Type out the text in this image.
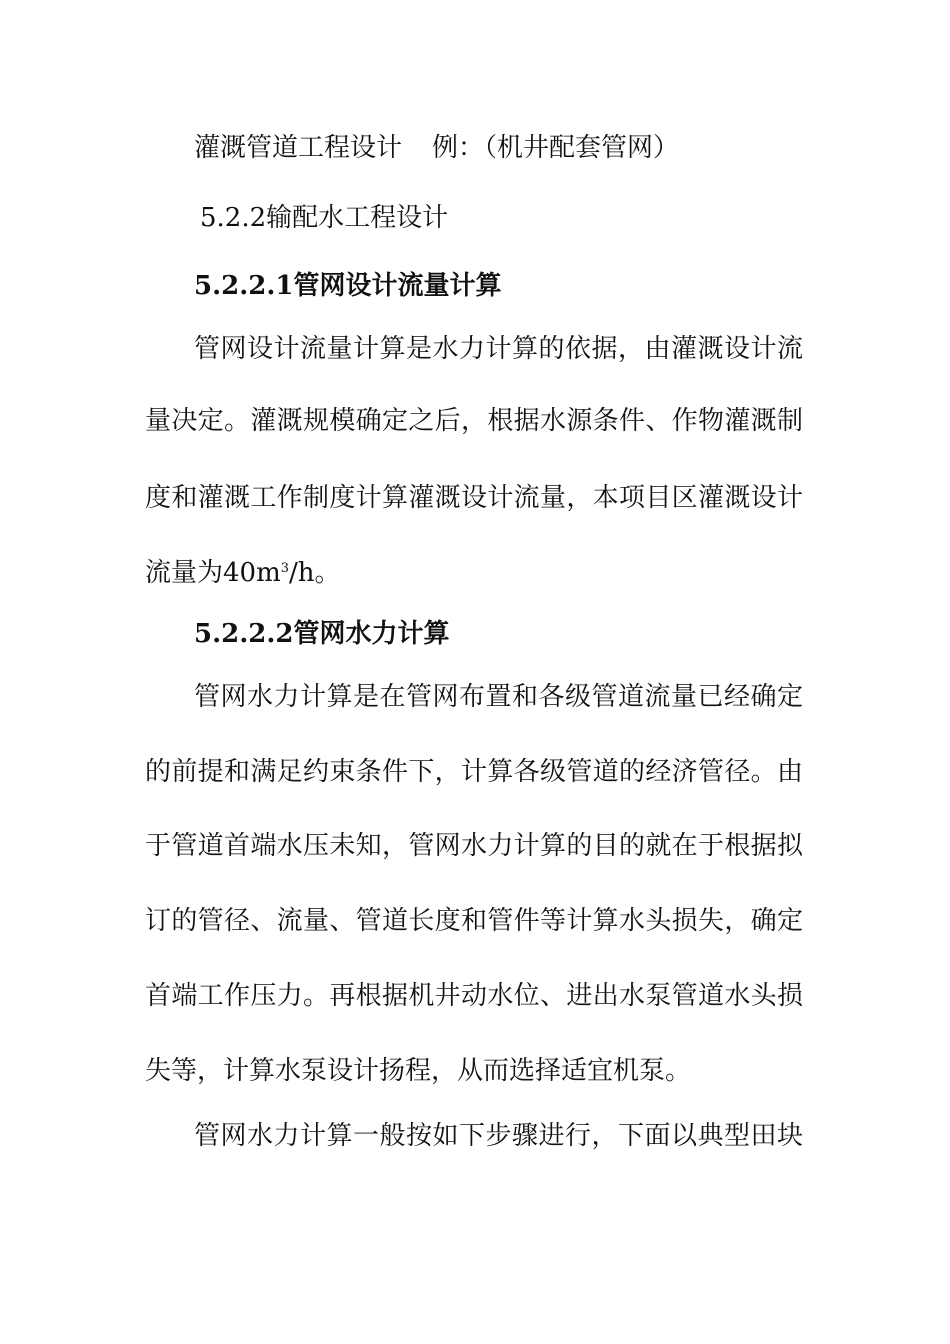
灌溉管道工程设计 例：（机井配套管网）
5.2.2输配水工程设计
5.2.2.1管网设计流量计算
管网设计流量计算是水力计算的依据，由灌溉设计流
量决定。灌溉规模确定之后，根据水源条件、作物灌溉制
度和灌溉工作制度计算灌溉设计流量，本项目区灌溉设计
流量为$40m^3/h$。
5.2.2.2管网水力计算
管网水力计算是在管网布置和各级管道流量已经确定
的前提和满足约束条件下，计算各级管道的经济管径。由
于管道首端水压未知，管网水力计算的目的就在于根据拟
订的管径、流量、管道长度和管件等计算水头损失，确定
首端工作压力。再根据机井动水位、进出水泵管道水头损
失等，计算水泵设计扬程，从而选择适宜机泵。
管网水力计算一般按如下步骤进行，下面以典型田块
